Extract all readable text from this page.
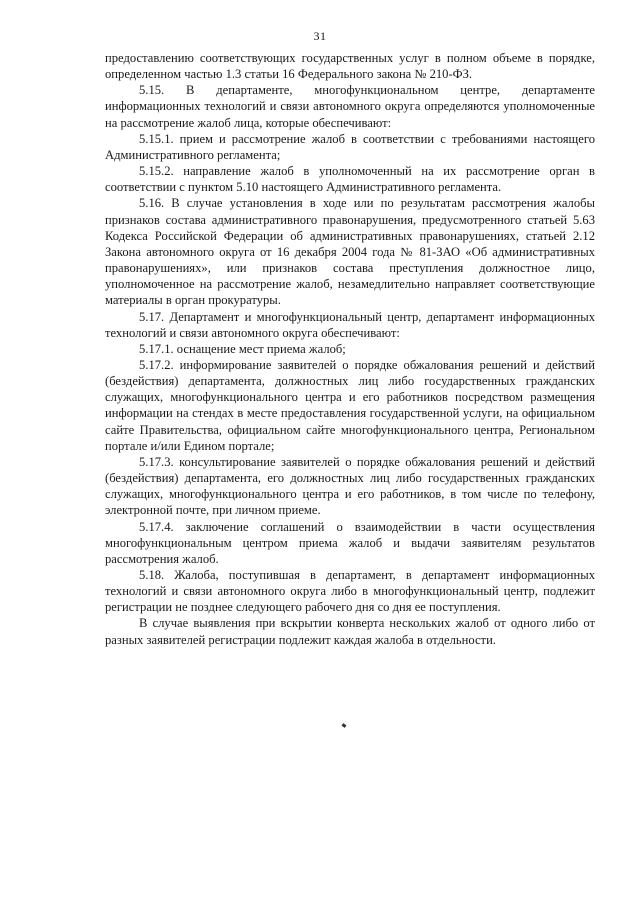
31

предоставлению соответствующих государственных услуг в полном объеме в порядке, определенном частью 1.3 статьи 16 Федерального закона № 210-ФЗ.

5.15. В департаменте, многофункциональном центре, департаменте информационных технологий и связи автономного округа определяются уполномоченные на рассмотрение жалоб лица, которые обеспечивают:

5.15.1. прием и рассмотрение жалоб в соответствии с требованиями настоящего Административного регламента;

5.15.2. направление жалоб в уполномоченный на их рассмотрение орган в соответствии с пунктом 5.10 настоящего Административного регламента.

5.16. В случае установления в ходе или по результатам рассмотрения жалобы признаков состава административного правонарушения, предусмотренного статьей 5.63 Кодекса Российской Федерации об административных правонарушениях, статьей 2.12 Закона автономного округа от 16 декабря 2004 года № 81-ЗАО «Об административных правонарушениях», или признаков состава преступления должностное лицо, уполномоченное на рассмотрение жалоб, незамедлительно направляет соответствующие материалы в орган прокуратуры.

5.17. Департамент и многофункциональный центр, департамент информационных технологий и связи автономного округа обеспечивают:

5.17.1. оснащение мест приема жалоб;

5.17.2. информирование заявителей о порядке обжалования решений и действий (бездействия) департамента, должностных лиц либо государственных гражданских служащих, многофункционального центра и его работников посредством размещения информации на стендах в месте предоставления государственной услуги, на официальном сайте Правительства, официальном сайте многофункционального центра, Региональном портале и/или Едином портале;

5.17.3. консультирование заявителей о порядке обжалования решений и действий (бездействия) департамента, его должностных лиц либо государственных гражданских служащих, многофункционального центра и его работников, в том числе по телефону, электронной почте, при личном приеме.

5.17.4. заключение соглашений о взаимодействии в части осуществления многофункциональным центром приема жалоб и выдачи заявителям результатов рассмотрения жалоб.

5.18. Жалоба, поступившая в департамент, в департамент информационных технологий и связи автономного округа либо в многофункциональный центр, подлежит регистрации не позднее следующего рабочего дня со дня ее поступления.

В случае выявления при вскрытии конверта нескольких жалоб от одного либо от разных заявителей регистрации подлежит каждая жалоба в отдельности.
